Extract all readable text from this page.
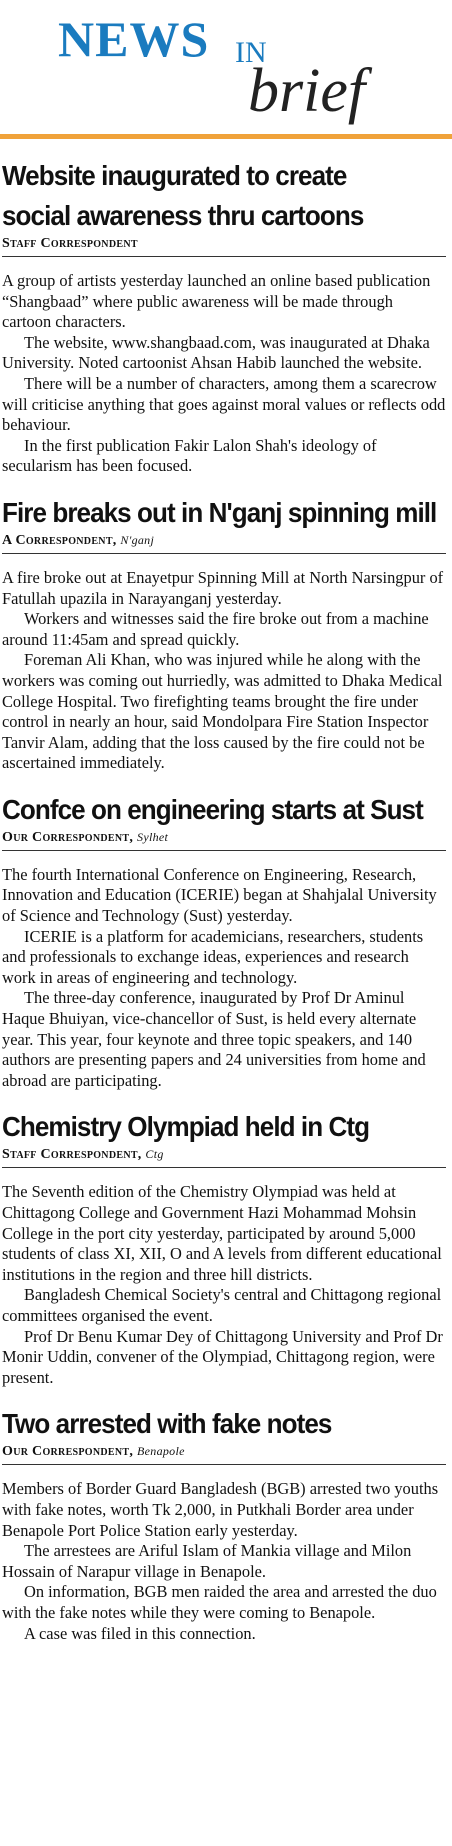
NEWS IN
brief
Website inaugurated to create
social awareness thru cartoons
Staff Correspondent

A group of artists yesterday launched an online based publication “Shangbaad” where public awareness will be made through cartoon characters.

The website, www.shangbaad.com, was inaugurated at Dhaka University. Noted cartoonist Ahsan Habib launched the website.

There will be a number of characters, among them a scarecrow will criticise anything that goes against moral values or reflects odd behaviour.

In the first publication Fakir Lalon Shah's ideology of secularism has been focused.

Fire breaks out in N'ganj spinning mill
A Correspondent, N'ganj

A fire broke out at Enayetpur Spinning Mill at North Narsingpur of Fatullah upazila in Narayanganj yesterday.

Workers and witnesses said the fire broke out from a machine around 11:45am and spread quickly.

Foreman Ali Khan, who was injured while he along with the workers was coming out hurriedly, was admitted to Dhaka Medical College Hospital. Two firefighting teams brought the fire under control in nearly an hour, said Mondolpara Fire Station Inspector Tanvir Alam, adding that the loss caused by the fire could not be ascertained immediately.

Confce on engineering starts at Sust
Our Correspondent, Sylhet

The fourth International Conference on Engineering, Research, Innovation and Education (ICERIE) began at Shahjalal University of Science and Technology (Sust) yesterday.

ICERIE is a platform for academicians, researchers, students and professionals to exchange ideas, experiences and research work in areas of engineering and technology.

The three-day conference, inaugurated by Prof Dr Aminul Haque Bhuiyan, vice-chancellor of Sust, is held every alternate year. This year, four keynote and three topic speakers, and 140 authors are presenting papers and 24 universities from home and abroad are participating.

Chemistry Olympiad held in Ctg
Staff Correspondent, Ctg

The Seventh edition of the Chemistry Olympiad was held at Chittagong College and Government Hazi Mohammad Mohsin College in the port city yesterday, participated by around 5,000 students of class XI, XII, O and A levels from different educational institutions in the region and three hill districts.

Bangladesh Chemical Society's central and Chittagong regional committees organised the event.

Prof Dr Benu Kumar Dey of Chittagong University and Prof Dr Monir Uddin, convener of the Olympiad, Chittagong region, were present.

Two arrested with fake notes
Our Correspondent, Benapole

Members of Border Guard Bangladesh (BGB) arrested two youths with fake notes, worth Tk 2,000, in Putkhali Border area under Benapole Port Police Station early yesterday.

The arrestees are Ariful Islam of Mankia village and Milon Hossain of Narapur village in Benapole.

On information, BGB men raided the area and arrested the duo with the fake notes while they were coming to Benapole.

A case was filed in this connection.
